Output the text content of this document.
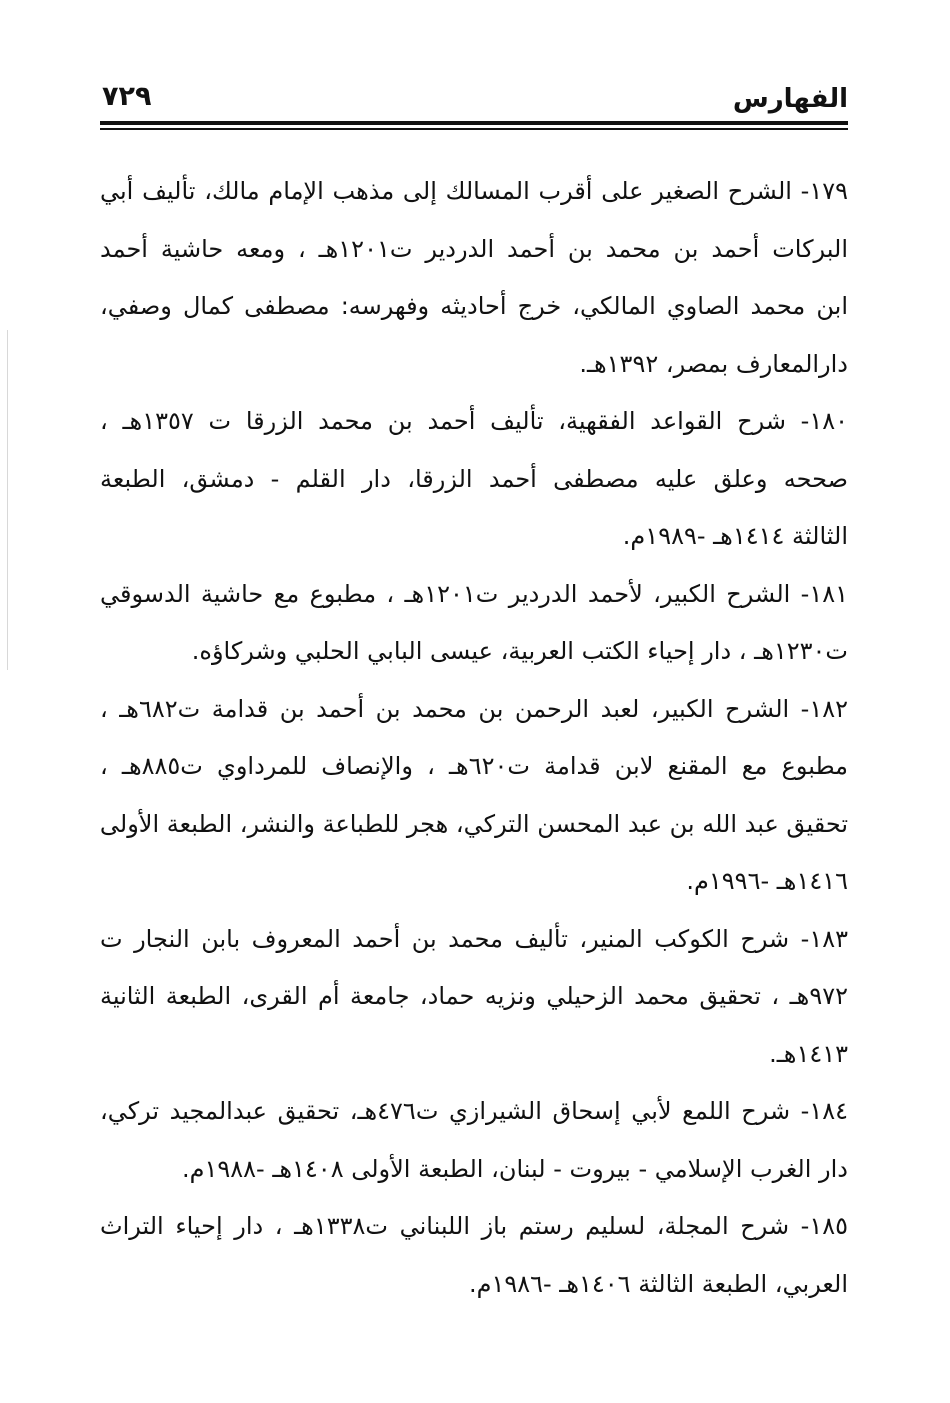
الفهارس
٧٢٩
١٧٩- الشرح الصغير على أقرب المسالك إلى مذهب الإمام مالك، تأليف أبي
البركات أحمد بن محمد بن أحمد الدردير ت١٢٠١هـ ، ومعه حاشية أحمد
ابن محمد الصاوي المالكي، خرج أحاديثه وفهرسه: مصطفى كمال وصفي،
دارالمعارف بمصر، ١٣٩٢هـ.
١٨٠- شرح القواعد الفقهية، تأليف أحمد بن محمد الزرقا ت ١٣٥٧هـ ،
صححه وعلق عليه مصطفى أحمد الزرقا، دار القلم - دمشق، الطبعة
الثالثة ١٤١٤هـ -١٩٨٩م.
١٨١- الشرح الكبير، لأحمد الدردير ت١٢٠١هـ ، مطبوع مع حاشية الدسوقي
ت١٢٣٠هـ ، دار إحياء الكتب العربية، عيسى البابي الحلبي وشركاؤه.
١٨٢- الشرح الكبير، لعبد الرحمن بن محمد بن أحمد بن قدامة ت٦٨٢هـ ،
مطبوع مع المقنع لابن قدامة ت٦٢٠هـ ، والإنصاف للمرداوي ت٨٨٥هـ ،
تحقيق عبد الله بن عبد المحسن التركي، هجر للطباعة والنشر، الطبعة الأولى
١٤١٦هـ -١٩٩٦م.
١٨٣- شرح الكوكب المنير، تأليف محمد بن أحمد المعروف بابن النجار ت
٩٧٢هـ ، تحقيق محمد الزحيلي ونزيه حماد، جامعة أم القرى، الطبعة الثانية
١٤١٣هـ.
١٨٤- شرح اللمع لأبي إسحاق الشيرازي ت٤٧٦هـ، تحقيق عبدالمجيد تركي،
دار الغرب الإسلامي - بيروت - لبنان، الطبعة الأولى ١٤٠٨هـ -١٩٨٨م.
١٨٥- شرح المجلة، لسليم رستم باز اللبناني ت١٣٣٨هـ ، دار إحياء التراث
العربي، الطبعة الثالثة ١٤٠٦هـ -١٩٨٦م.
